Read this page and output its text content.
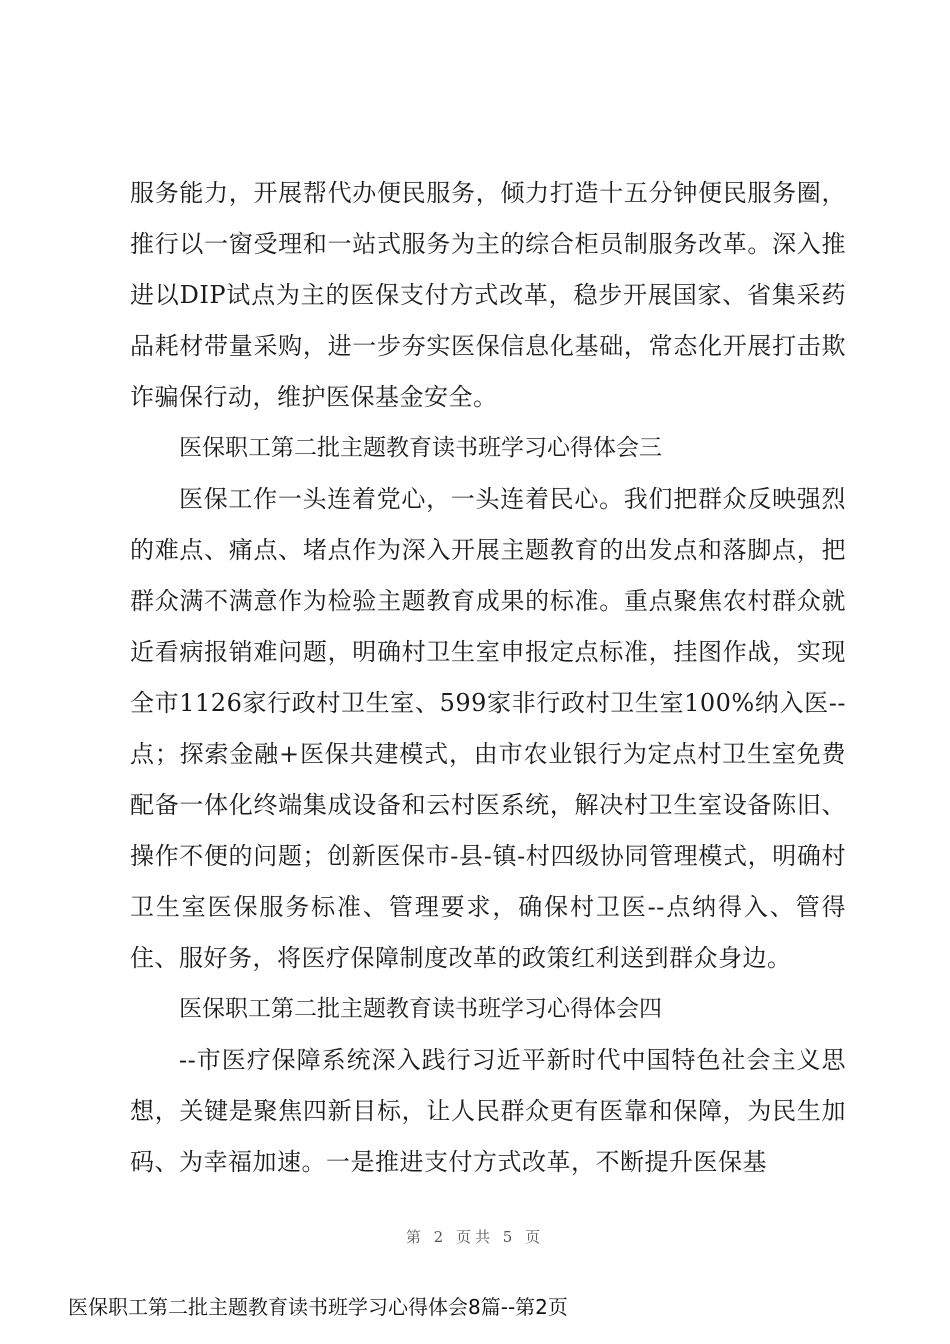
服务能力，开展帮代办便民服务，倾力打造十五分钟便民服务圈，推行以一窗受理和一站式服务为主的综合柜员制服务改革。深入推进以DIP试点为主的医保支付方式改革，稳步开展国家、省集采药品耗材带量采购，进一步夯实医保信息化基础，常态化开展打击欺诈骗保行动，维护医保基金安全。

医保职工第二批主题教育读书班学习心得体会三

医保工作一头连着党心，一头连着民心。我们把群众反映强烈的难点、痛点、堵点作为深入开展主题教育的出发点和落脚点，把群众满不满意作为检验主题教育成果的标准。重点聚焦农村群众就近看病报销难问题，明确村卫生室申报定点标准，挂图作战，实现全市1126家行政村卫生室、599家非行政村卫生室100%纳入医--点；探索金融+医保共建模式，由市农业银行为定点村卫生室免费配备一体化终端集成设备和云村医系统，解决村卫生室设备陈旧、操作不便的问题；创新医保市-县-镇-村四级协同管理模式，明确村卫生室医保服务标准、管理要求，确保村卫医--点纳得入、管得住、服好务，将医疗保障制度改革的政策红利送到群众身边。

医保职工第二批主题教育读书班学习心得体会四

--市医疗保障系统深入践行习近平新时代中国特色社会主义思想，关键是聚焦四新目标，让人民群众更有医靠和保障，为民生加码、为幸福加速。一是推进支付方式改革，不断提升医保基

第 2 页共 5 页
医保职工第二批主题教育读书班学习心得体会8篇--第2页
